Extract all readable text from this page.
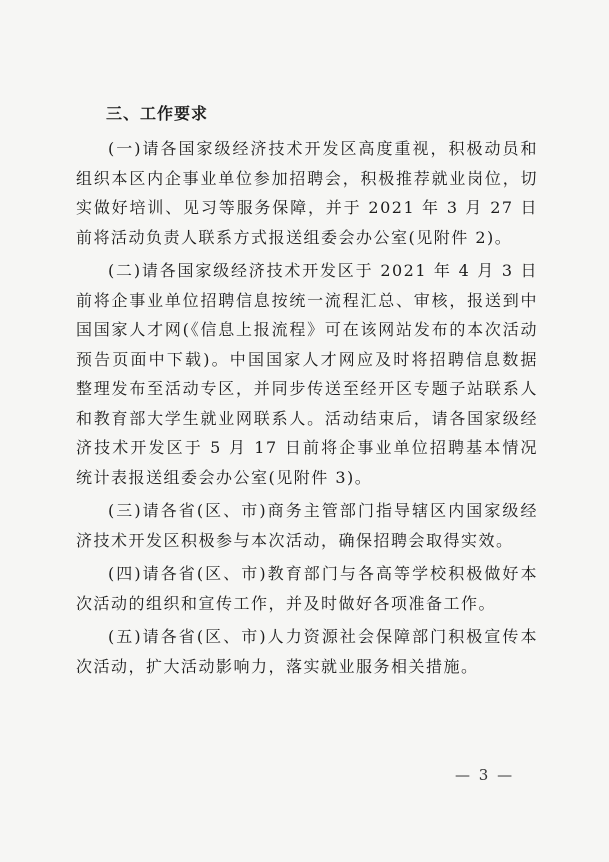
三、工作要求

(一)请各国家级经济技术开发区高度重视，积极动员和组织本区内企事业单位参加招聘会，积极推荐就业岗位，切实做好培训、见习等服务保障，并于 2021 年 3 月 27 日前将活动负责人联系方式报送组委会办公室(见附件 2)。

(二)请各国家级经济技术开发区于 2021 年 4 月 3 日前将企事业单位招聘信息按统一流程汇总、审核，报送到中国国家人才网(《信息上报流程》可在该网站发布的本次活动预告页面中下载)。中国国家人才网应及时将招聘信息数据整理发布至活动专区，并同步传送至经开区专题子站联系人和教育部大学生就业网联系人。活动结束后，请各国家级经济技术开发区于 5 月 17 日前将企事业单位招聘基本情况统计表报送组委会办公室(见附件 3)。

(三)请各省(区、市)商务主管部门指导辖区内国家级经济技术开发区积极参与本次活动，确保招聘会取得实效。

(四)请各省(区、市)教育部门与各高等学校积极做好本次活动的组织和宣传工作，并及时做好各项准备工作。

(五)请各省(区、市)人力资源社会保障部门积极宣传本次活动，扩大活动影响力，落实就业服务相关措施。

— 3 —
